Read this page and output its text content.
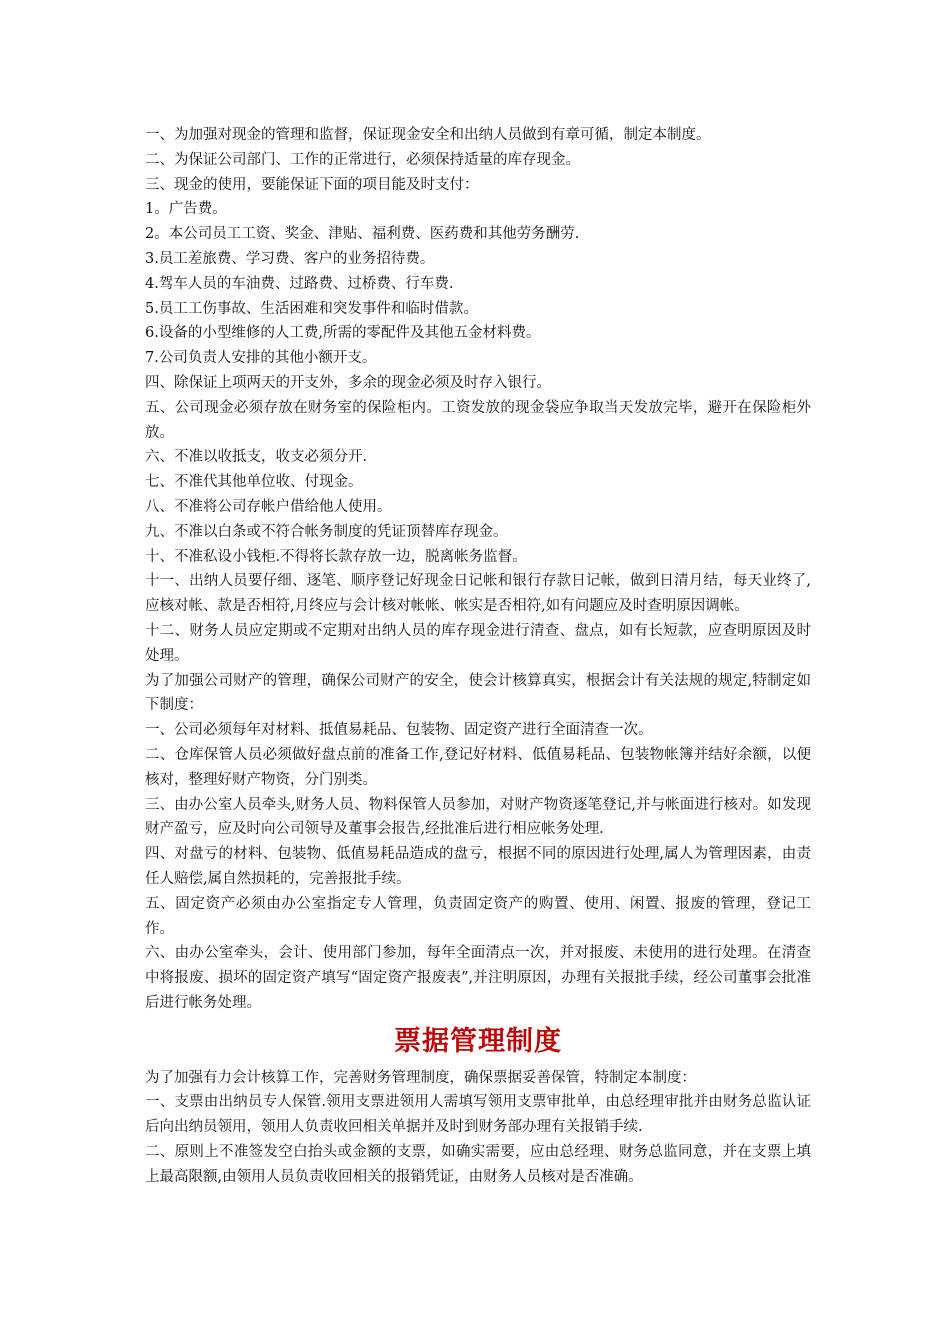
一、为加强对现金的管理和监督，保证现金安全和出纳人员做到有章可循，制定本制度。

二、为保证公司部门、工作的正常进行，必须保持适量的库存现金。

三、现金的使用，要能保证下面的项目能及时支付：

1。广告费。

2。本公司员工工资、奖金、津贴、福利费、医药费和其他劳务酬劳.

3.员工差旅费、学习费、客户的业务招待费。

4.驾车人员的车油费、过路费、过桥费、行车费.

5.员工工伤事故、生活困难和突发事件和临时借款。

6.设备的小型维修的人工费,所需的零配件及其他五金材料费。

7.公司负责人安排的其他小额开支。

四、除保证上项两天的开支外，多余的现金必须及时存入银行。

五、公司现金必须存放在财务室的保险柜内。工资发放的现金袋应争取当天发放完毕，避开在保险柜外放。

六、不准以收抵支，收支必须分开.

七、不准代其他单位收、付现金。

八、不准将公司存帐户借给他人使用。

九、不准以白条或不符合帐务制度的凭证顶替库存现金。

十、不准私设小钱柜.不得将长款存放一边，脱离帐务监督。

十一、出纳人员要仔细、逐笔、顺序登记好现金日记帐和银行存款日记帐，做到日清月结，每天业终了,应核对帐、款是否相符,月终应与会计核对帐帐、帐实是否相符,如有问题应及时查明原因调帐。

十二、财务人员应定期或不定期对出纳人员的库存现金进行清查、盘点，如有长短款，应查明原因及时处理。

为了加强公司财产的管理，确保公司财产的安全，使会计核算真实，根据会计有关法规的规定,特制定如下制度：

一、公司必须每年对材料、抵值易耗品、包装物、固定资产进行全面清查一次。

二、仓库保管人员必须做好盘点前的准备工作,登记好材料、低值易耗品、包装物帐簿并结好余额，以便核对，整理好财产物资，分门别类。

三、由办公室人员牵头,财务人员、物料保管人员参加，对财产物资逐笔登记,并与帐面进行核对。如发现财产盈亏，应及时向公司领导及董事会报告,经批准后进行相应帐务处理.

四、对盘亏的材料、包装物、低值易耗品造成的盘亏，根据不同的原因进行处理,属人为管理因素，由责任人赔偿,属自然损耗的，完善报批手续。

五、固定资产必须由办公室指定专人管理，负责固定资产的购置、使用、闲置、报废的管理，登记工作。

六、由办公室牵头，会计、使用部门参加，每年全面清点一次，并对报废、未使用的进行处理。在清查中将报废、损坏的固定资产填写“固定资产报废表”,并注明原因，办理有关报批手续，经公司董事会批准后进行帐务处理。

票据管理制度

为了加强有力会计核算工作，完善财务管理制度，确保票据妥善保管，特制定本制度：

一、支票由出纳员专人保管.领用支票进领用人需填写领用支票审批单，由总经理审批并由财务总监认证后向出纳员领用，领用人负责收回相关单据并及时到财务部办理有关报销手续.

二、原则上不准签发空白抬头或金额的支票，如确实需要，应由总经理、财务总监同意，并在支票上填上最高限额,由领用人员负责收回相关的报销凭证，由财务人员核对是否准确。
